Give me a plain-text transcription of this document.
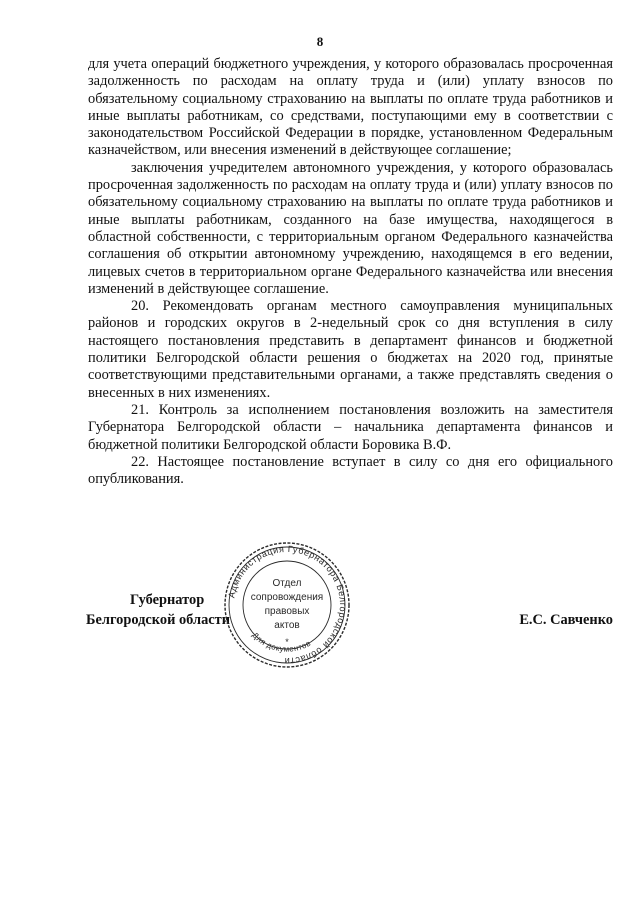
8

для учета операций бюджетного учреждения, у которого образовалась просроченная задолженность по расходам на оплату труда и (или) уплату взносов по обязательному социальному страхованию на выплаты по оплате труда работников и иные выплаты работникам, со средствами, поступающими ему в соответствии с законодательством Российской Федерации в порядке, установленном Федеральным казначейством, или внесения изменений в действующее соглашение;

заключения учредителем автономного учреждения, у которого образовалась просроченная задолженность по расходам на оплату труда и (или) уплату взносов по обязательному социальному страхованию на выплаты по оплате труда работников и иные выплаты работникам, созданного на базе имущества, находящегося в областной собственности, с территориальным органом Федерального казначейства соглашения об открытии автономному учреждению, находящемся в его ведении, лицевых счетов в территориальном органе Федерального казначейства или внесения изменений в действующее соглашение.

20. Рекомендовать органам местного самоуправления муниципальных районов и городских округов в 2-недельный срок со дня вступления в силу настоящего постановления представить в департамент финансов и бюджетной политики Белгородской области решения о бюджетах на 2020 год, принятые соответствующими представительными органами, а также представлять сведения о внесенных в них изменениях.

21. Контроль за исполнением постановления возложить на заместителя Губернатора Белгородской области – начальника департамента финансов и бюджетной политики Белгородской области Боровика В.Ф.

22. Настоящее постановление вступает в силу со дня его официального опубликования.

Губернатор
Белгородской области	Е.С. Савченко
Администрация Губернатора Белгородской области
Для документов
Отдел
сопровождения
правовых
актов
*
